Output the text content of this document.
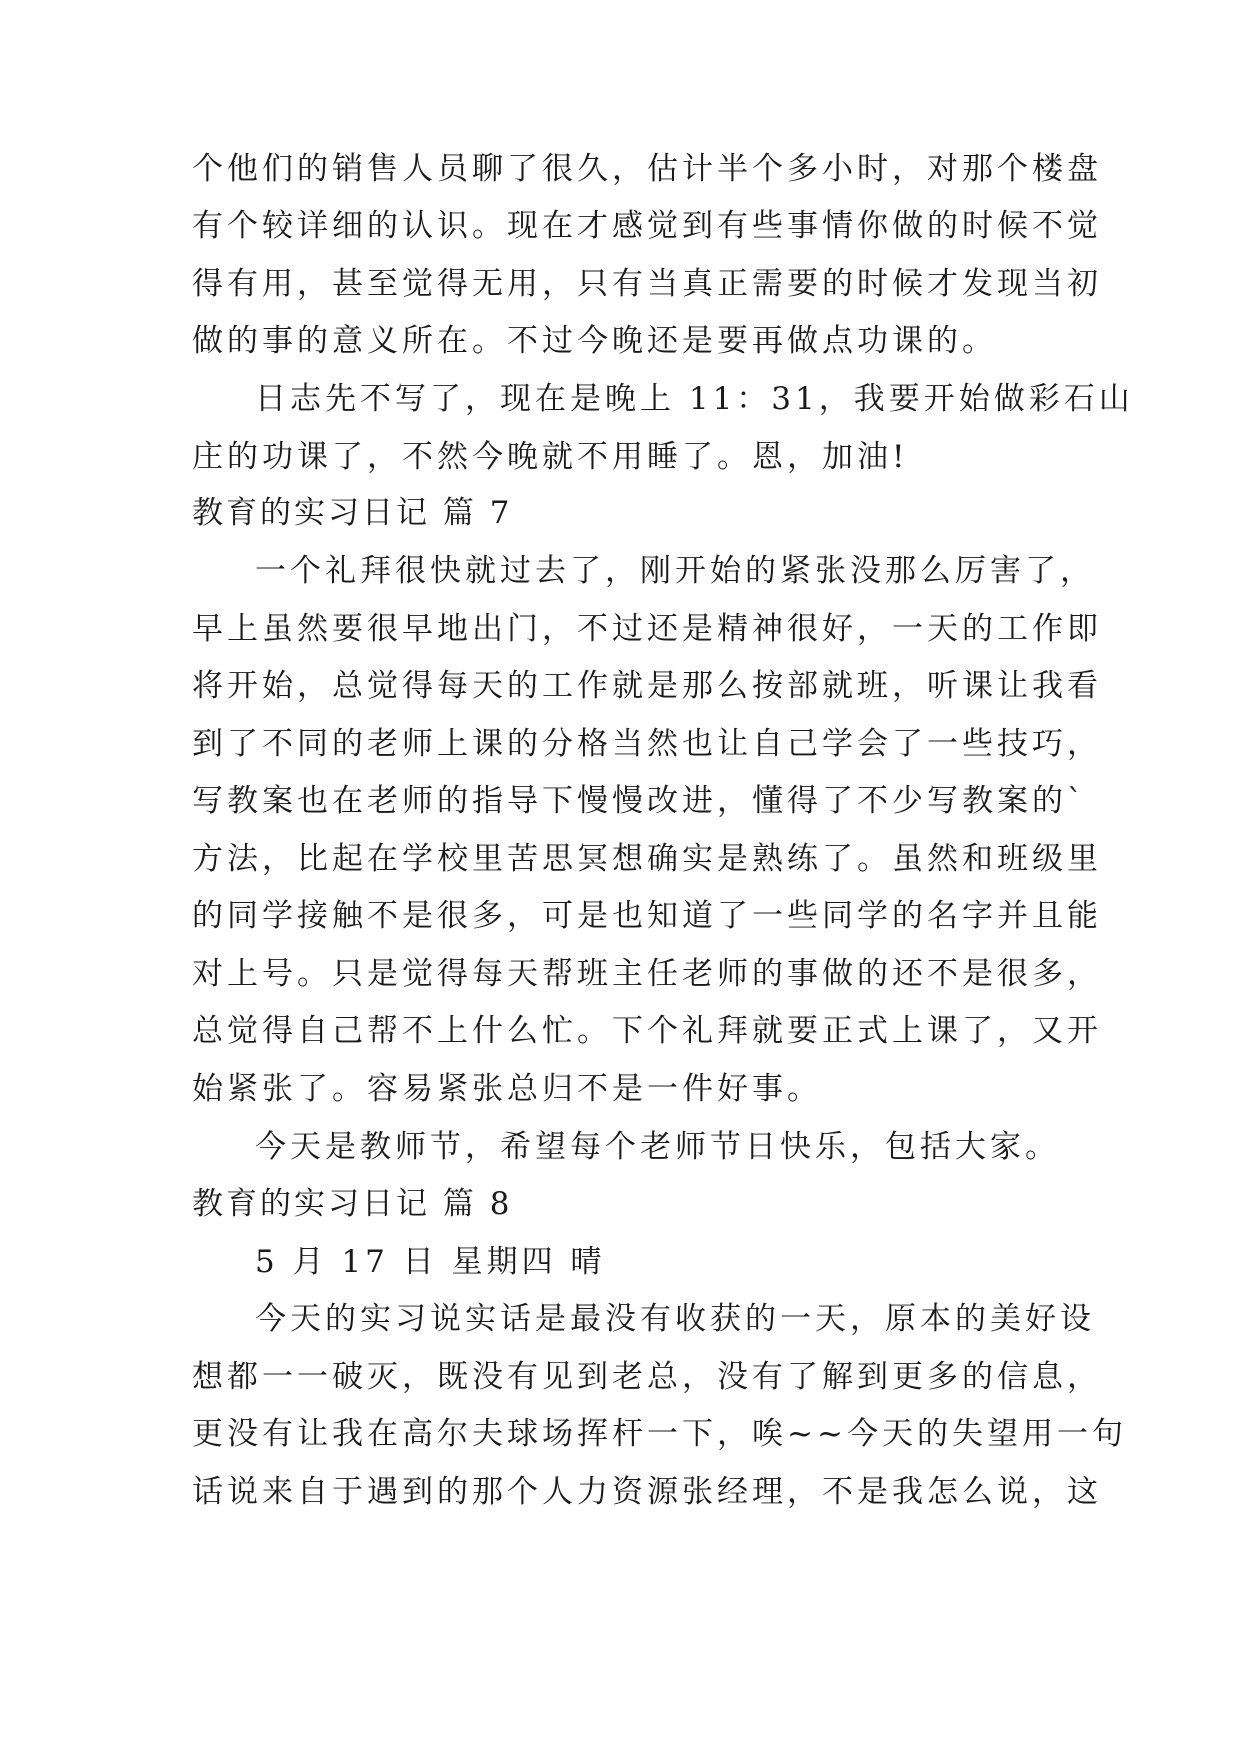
个他们的销售人员聊了很久，估计半个多小时，对那个楼盘
有个较详细的认识。现在才感觉到有些事情你做的时候不觉
得有用，甚至觉得无用，只有当真正需要的时候才发现当初
做的事的意义所在。不过今晚还是要再做点功课的。
日志先不写了，现在是晚上 11：31，我要开始做彩石山
庄的功课了，不然今晚就不用睡了。恩，加油!
教育的实习日记 篇 7
一个礼拜很快就过去了，刚开始的紧张没那么厉害了，
早上虽然要很早地出门，不过还是精神很好，一天的工作即
将开始，总觉得每天的工作就是那么按部就班，听课让我看
到了不同的老师上课的分格当然也让自己学会了一些技巧，
写教案也在老师的指导下慢慢改进，懂得了不少写教案的`
方法，比起在学校里苦思冥想确实是熟练了。虽然和班级里
的同学接触不是很多，可是也知道了一些同学的名字并且能
对上号。只是觉得每天帮班主任老师的事做的还不是很多，
总觉得自己帮不上什么忙。下个礼拜就要正式上课了，又开
始紧张了。容易紧张总归不是一件好事。
今天是教师节，希望每个老师节日快乐，包括大家。
教育的实习日记 篇 8
5 月 17 日 星期四 晴
今天的实习说实话是最没有收获的一天，原本的美好设
想都一一破灭，既没有见到老总，没有了解到更多的信息，
更没有让我在高尔夫球场挥杆一下，唉~~今天的失望用一句
话说来自于遇到的那个人力资源张经理，不是我怎么说，这
